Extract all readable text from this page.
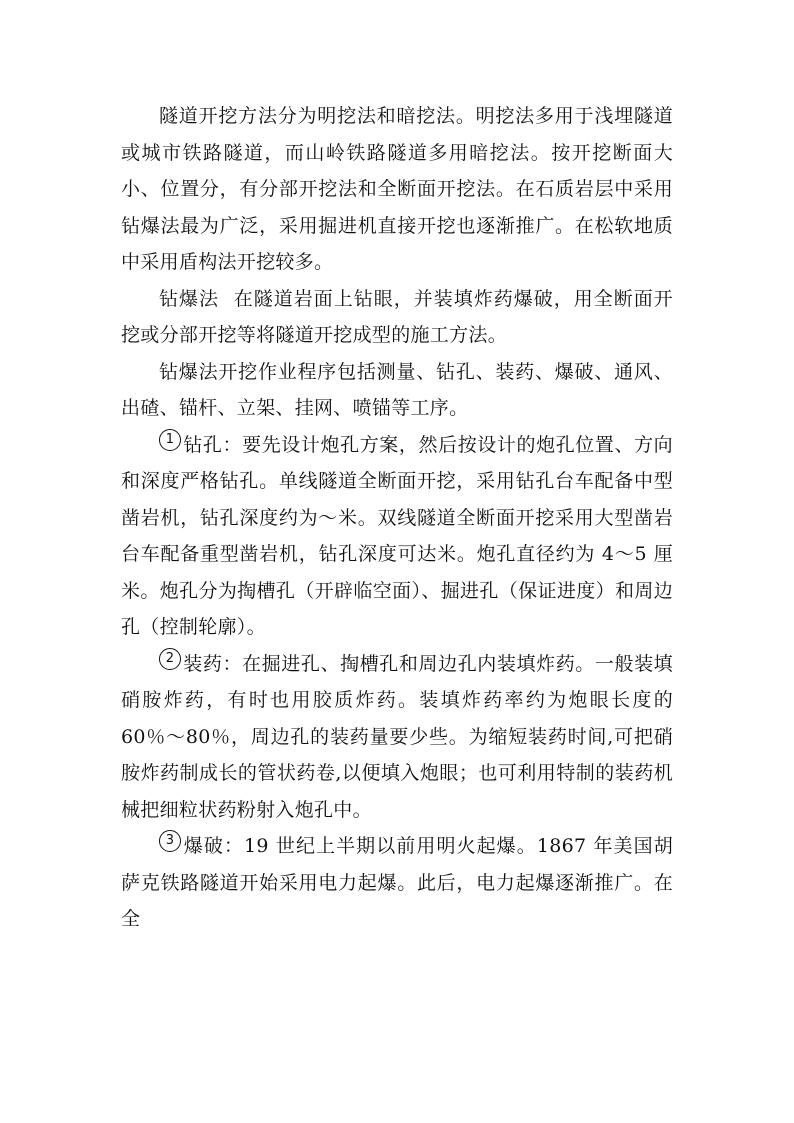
隧道开挖方法分为明挖法和暗挖法。明挖法多用于浅埋隧道或城市铁路隧道，而山岭铁路隧道多用暗挖法。按开挖断面大小、位置分，有分部开挖法和全断面开挖法。在石质岩层中采用钻爆法最为广泛，采用掘进机直接开挖也逐渐推广。在松软地质中采用盾构法开挖较多。

钻爆法 在隧道岩面上钻眼，并装填炸药爆破，用全断面开挖或分部开挖等将隧道开挖成型的施工方法。

钻爆法开挖作业程序包括测量、钻孔、装药、爆破、通风、出碴、锚杆、立架、挂网、喷锚等工序。

1 钻孔：要先设计炮孔方案，然后按设计的炮孔位置、方向和深度严格钻孔。单线隧道全断面开挖，采用钻孔台车配备中型凿岩机，钻孔深度约为～米。双线隧道全断面开挖采用大型凿岩台车配备重型凿岩机，钻孔深度可达米。炮孔直径约为 4～5 厘米。炮孔分为掏槽孔（开辟临空面）、掘进孔（保证进度）和周边孔（控制轮廓）。

2 装药：在掘进孔、掏槽孔和周边孔内装填炸药。一般装填硝胺炸药，有时也用胶质炸药。装填炸药率约为炮眼长度的 60％～80％，周边孔的装药量要少些。为缩短装药时间,可把硝胺炸药制成长的管状药卷,以便填入炮眼；也可利用特制的装药机械把细粒状药粉射入炮孔中。

3 爆破：19 世纪上半期以前用明火起爆。1867 年美国胡萨克铁路隧道开始采用电力起爆。此后，电力起爆逐渐推广。在全
